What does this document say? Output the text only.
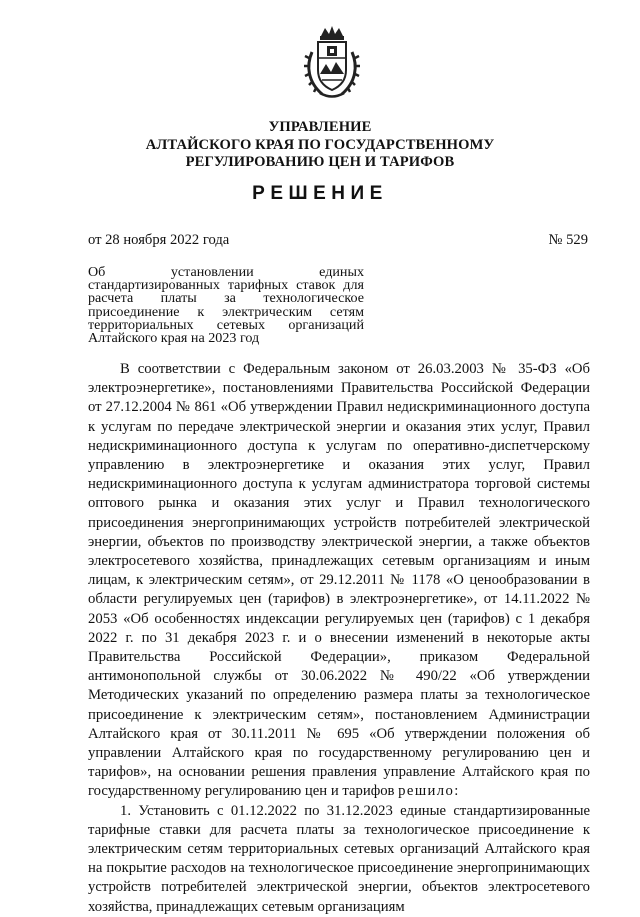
УПРАВЛЕНИЕ
АЛТАЙСКОГО КРАЯ ПО ГОСУДАРСТВЕННОМУ
РЕГУЛИРОВАНИЮ ЦЕН И ТАРИФОВ
РЕШЕНИЕ
от 28 ноября 2022 года	№ 529
Об установлении единых стандартизированных тарифных ставок для расчета платы за технологическое присоединение к электрическим сетям территориальных сетевых организаций Алтайского края на 2023 год

В соответствии с Федеральным законом от 26.03.2003 № 35-ФЗ «Об электроэнергетике», постановлениями Правительства Российской Федерации от 27.12.2004 № 861 «Об утверждении Правил недискриминационного доступа к услугам по передаче электрической энергии и оказания этих услуг, Правил недискриминационного доступа к услугам по оперативно-диспетчерскому управлению в электроэнергетике и оказания этих услуг, Правил недискриминационного доступа к услугам администратора торговой системы оптового рынка и оказания этих услуг и Правил технологического присоединения энергопринимающих устройств потребителей электрической энергии, объектов по производству электрической энергии, а также объектов электросетевого хозяйства, принадлежащих сетевым организациям и иным лицам, к электрическим сетям», от 29.12.2011 № 1178 «О ценообразовании в области регулируемых цен (тарифов) в электроэнергетике», от 14.11.2022 № 2053 «Об особенностях индексации регулируемых цен (тарифов) с 1 декабря 2022 г. по 31 декабря 2023 г. и о внесении изменений в некоторые акты Правительства Российской Федерации», приказом Федеральной антимонопольной службы от 30.06.2022 № 490/22 «Об утверждении Методических указаний по определению размера платы за технологическое присоединение к электрическим сетям», постановлением Администрации Алтайского края от 30.11.2011 № 695 «Об утверждении положения об управлении Алтайского края по государственному регулированию цен и тарифов», на основании решения правления управление Алтайского края по государственному регулированию цен и тарифов решило:

1. Установить с 01.12.2022 по 31.12.2023 единые стандартизированные тарифные ставки для расчета платы за технологическое присоединение к электрическим сетям территориальных сетевых организаций Алтайского края на покрытие расходов на технологическое присоединение энергопринимающих устройств потребителей электрической энергии, объектов электросетевого хозяйства, принадлежащих сетевым организациям
